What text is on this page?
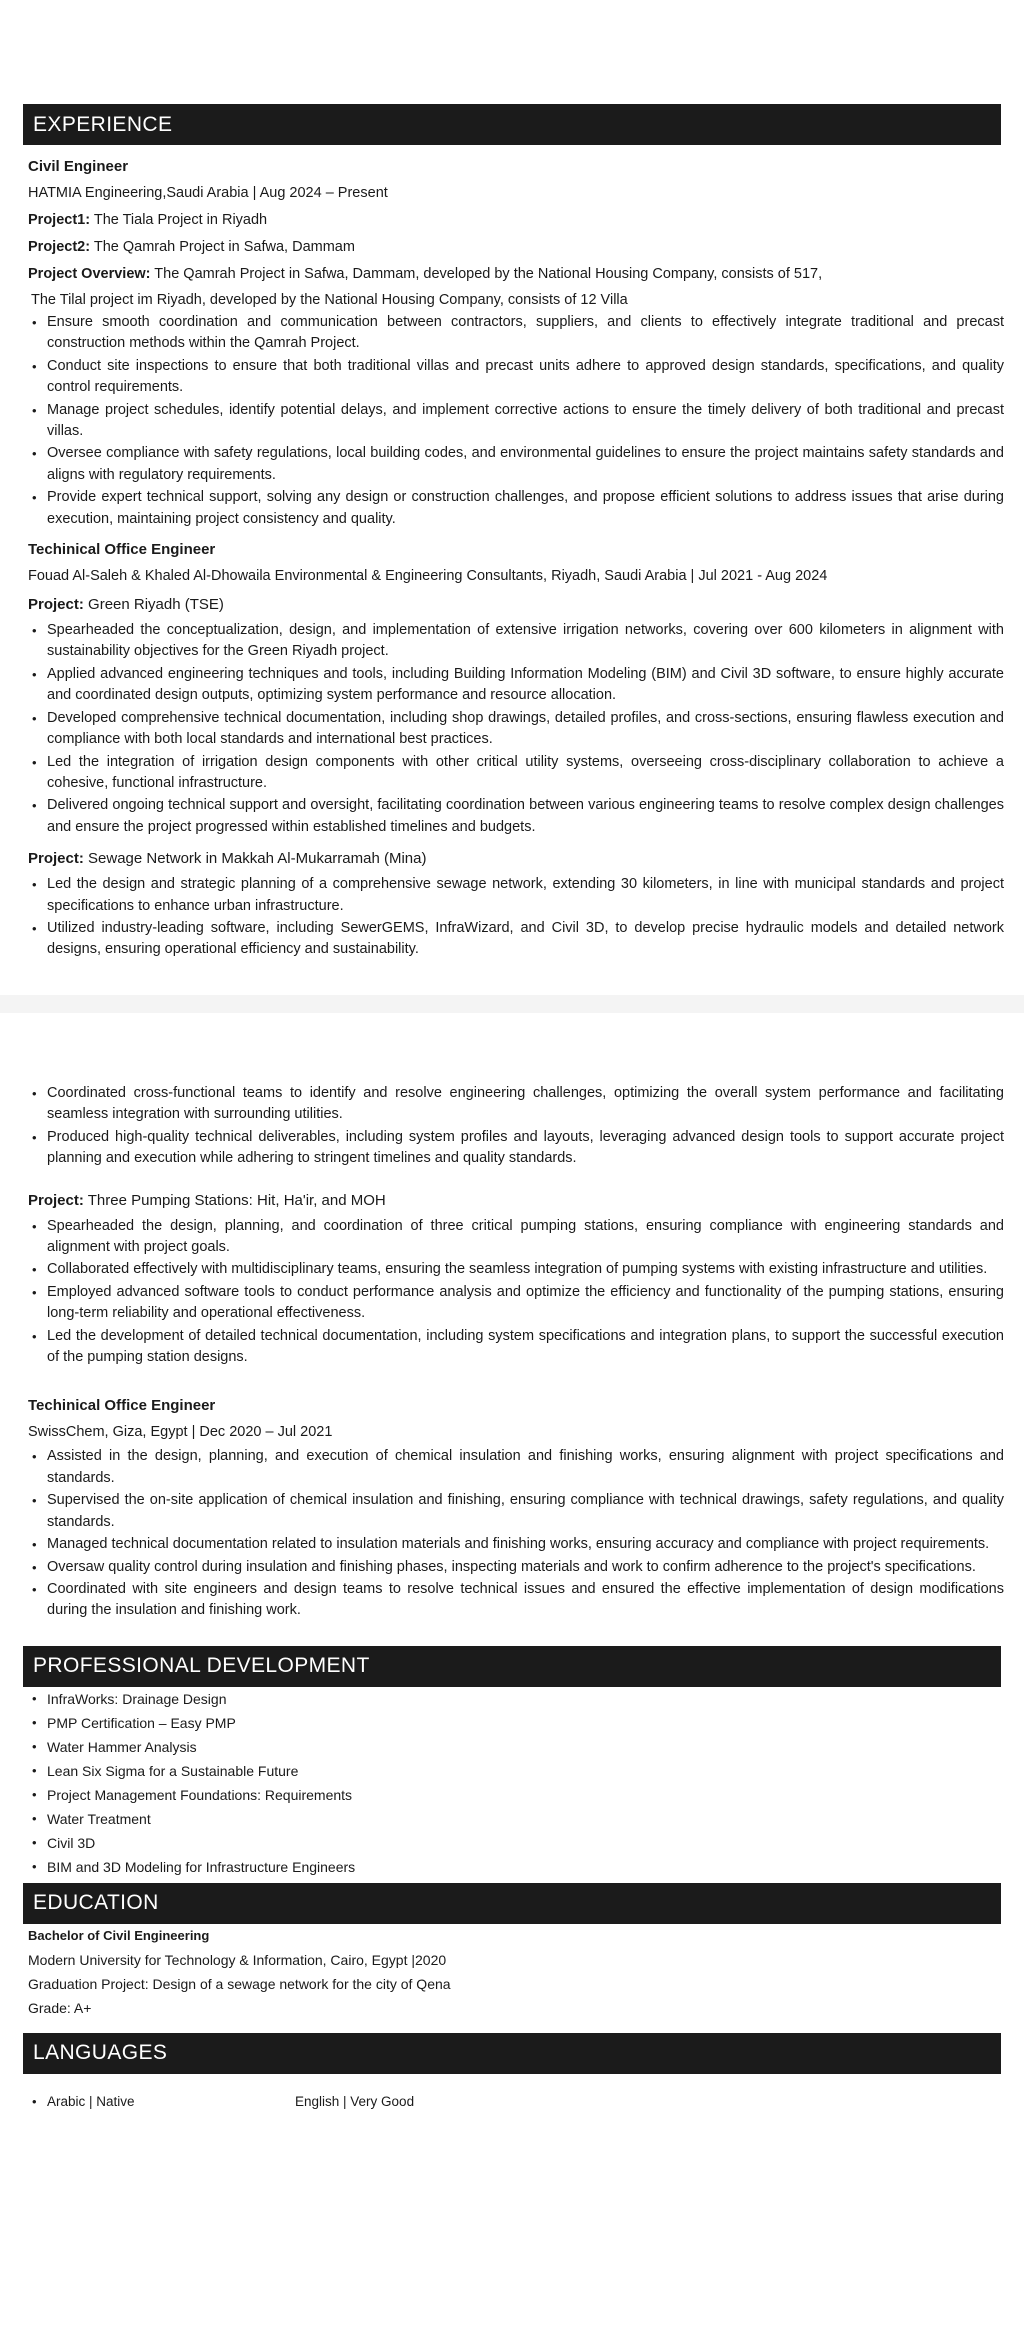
EXPERIENCE

Civil Engineer

HATMIA Engineering,Saudi Arabia | Aug 2024 – Present

Project1: The Tiala Project in Riyadh

Project2: The Qamrah Project in Safwa, Dammam

Project Overview: The Qamrah Project in Safwa, Dammam, developed by the National Housing Company, consists of 517,

The Tilal project im Riyadh, developed by the National Housing Company, consists of 12 Villa

• Ensure smooth coordination and communication between contractors, suppliers, and clients to effectively integrate traditional and precast construction methods within the Qamrah Project.
• Conduct site inspections to ensure that both traditional villas and precast units adhere to approved design standards, specifications, and quality control requirements.
• Manage project schedules, identify potential delays, and implement corrective actions to ensure the timely delivery of both traditional and precast villas.
• Oversee compliance with safety regulations, local building codes, and environmental guidelines to ensure the project maintains safety standards and aligns with regulatory requirements.
• Provide expert technical support, solving any design or construction challenges, and propose efficient solutions to address issues that arise during execution, maintaining project consistency and quality.

Techinical Office Engineer

Fouad Al-Saleh & Khaled Al-Dhowaila Environmental & Engineering Consultants, Riyadh, Saudi Arabia | Jul 2021 - Aug 2024

Project: Green Riyadh (TSE)

• Spearheaded the conceptualization, design, and implementation of extensive irrigation networks, covering over 600 kilometers in alignment with sustainability objectives for the Green Riyadh project.
• Applied advanced engineering techniques and tools, including Building Information Modeling (BIM) and Civil 3D software, to ensure highly accurate and coordinated design outputs, optimizing system performance and resource allocation.
• Developed comprehensive technical documentation, including shop drawings, detailed profiles, and cross-sections, ensuring flawless execution and compliance with both local standards and international best practices.
• Led the integration of irrigation design components with other critical utility systems, overseeing cross-disciplinary collaboration to achieve a cohesive, functional infrastructure.
• Delivered ongoing technical support and oversight, facilitating coordination between various engineering teams to resolve complex design challenges and ensure the project progressed within established timelines and budgets.

Project: Sewage Network in Makkah Al-Mukarramah (Mina)

• Led the design and strategic planning of a comprehensive sewage network, extending 30 kilometers, in line with municipal standards and project specifications to enhance urban infrastructure.
• Utilized industry-leading software, including SewerGEMS, InfraWizard, and Civil 3D, to develop precise hydraulic models and detailed network designs, ensuring operational efficiency and sustainability.
• Coordinated cross-functional teams to identify and resolve engineering challenges, optimizing the overall system performance and facilitating seamless integration with surrounding utilities.
• Produced high-quality technical deliverables, including system profiles and layouts, leveraging advanced design tools to support accurate project planning and execution while adhering to stringent timelines and quality standards.

Project: Three Pumping Stations: Hit, Ha'ir, and MOH

• Spearheaded the design, planning, and coordination of three critical pumping stations, ensuring compliance with engineering standards and alignment with project goals.
• Collaborated effectively with multidisciplinary teams, ensuring the seamless integration of pumping systems with existing infrastructure and utilities.
• Employed advanced software tools to conduct performance analysis and optimize the efficiency and functionality of the pumping stations, ensuring long-term reliability and operational effectiveness.
• Led the development of detailed technical documentation, including system specifications and integration plans, to support the successful execution of the pumping station designs.

Techinical Office Engineer

SwissChem, Giza, Egypt | Dec 2020 – Jul 2021

• Assisted in the design, planning, and execution of chemical insulation and finishing works, ensuring alignment with project specifications and standards.
• Supervised the on-site application of chemical insulation and finishing, ensuring compliance with technical drawings, safety regulations, and quality standards.
• Managed technical documentation related to insulation materials and finishing works, ensuring accuracy and compliance with project requirements.
• Oversaw quality control during insulation and finishing phases, inspecting materials and work to confirm adherence to the project's specifications.
• Coordinated with site engineers and design teams to resolve technical issues and ensured the effective implementation of design modifications during the insulation and finishing work.
PROFESSIONAL DEVELOPMENT
• InfraWorks: Drainage Design
• PMP Certification – Easy PMP
• Water Hammer Analysis
• Lean Six Sigma for a Sustainable Future
• Project Management Foundations: Requirements
• Water Treatment
• Civil 3D
• BIM and 3D Modeling for Infrastructure Engineers
EDUCATION

Bachelor of Civil Engineering

Modern University for Technology & Information, Cairo, Egypt |2020

Graduation Project: Design of a sewage network for the city of Qena

Grade: A+

LANGUAGES
• Arabic | Native	English | Very Good
